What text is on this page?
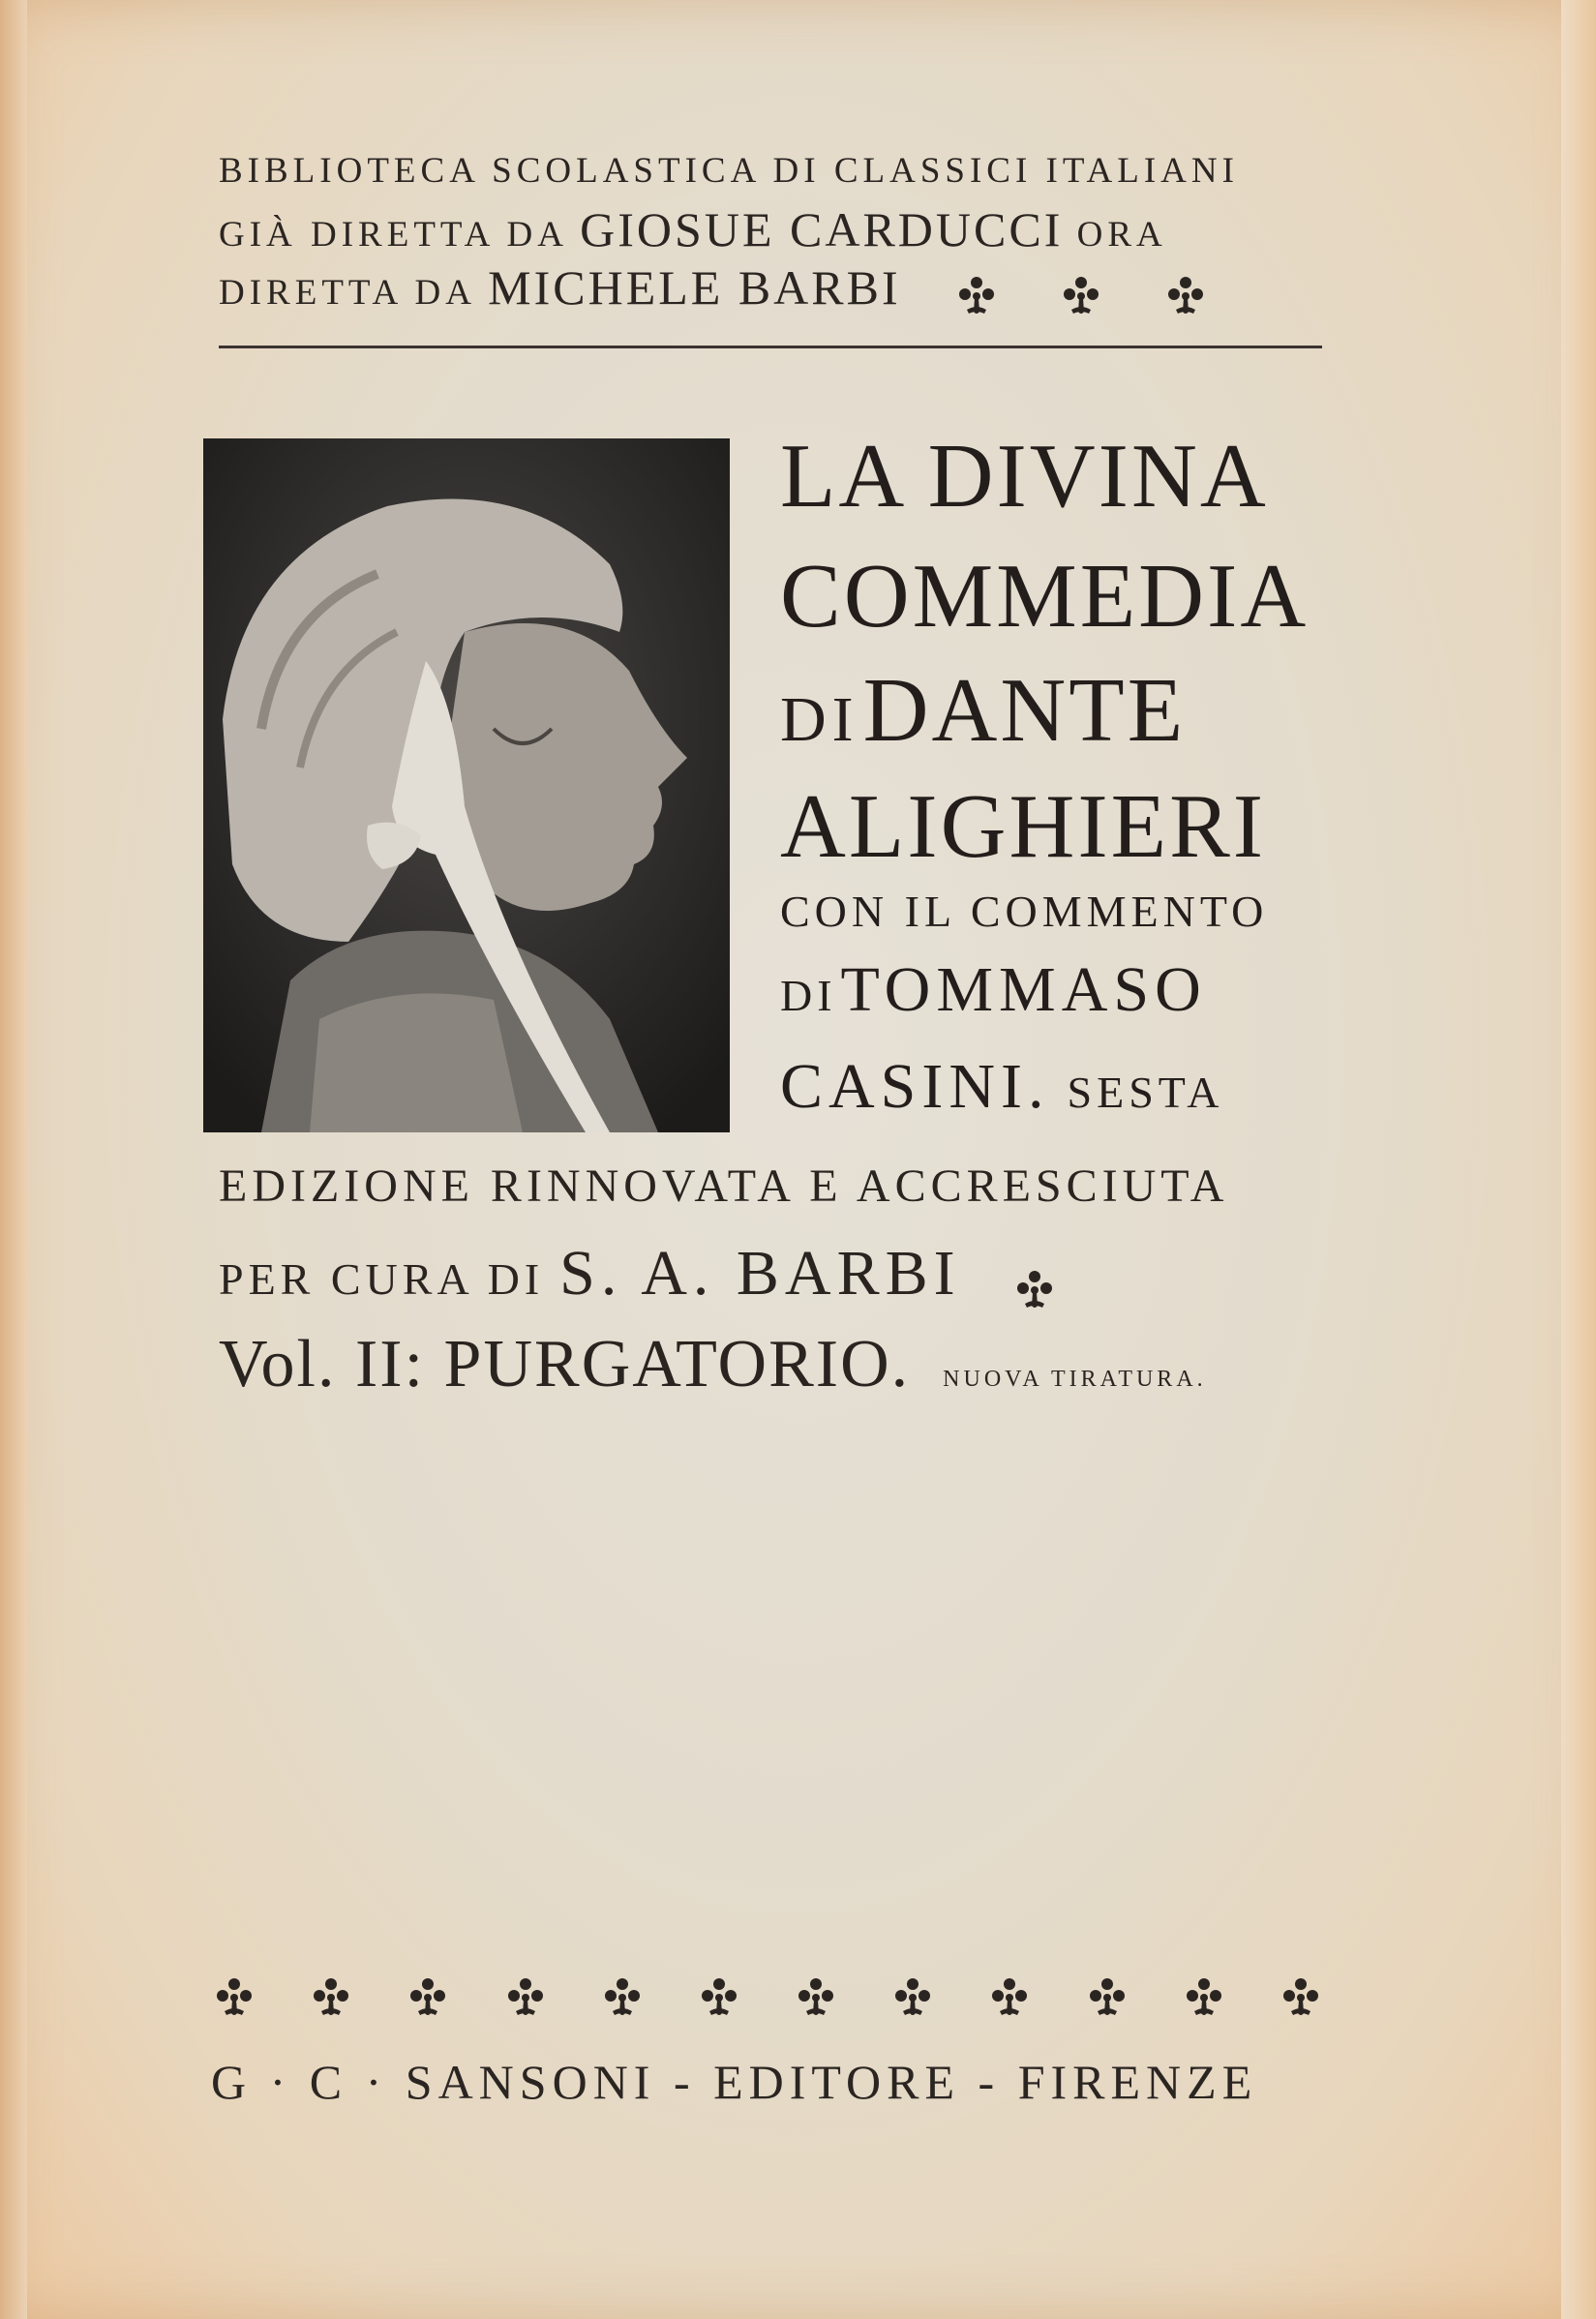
BIBLIOTECA SCOLASTICA DI CLASSICI ITALIANI
GIÀ DIRETTA DA GIOSUE CARDUCCI ORA
DIRETTA DA MICHELE BARBI

LA DIVINA
COMMEDIA
DI DANTE
ALIGHIERI
CON IL COMMENTO
DI TOMMASO
CASINI. SESTA
EDIZIONE RINNOVATA E ACCRESCIUTA
PER CURA DI S. A. BARBI
Vol. II: PURGATORIO. NUOVA TIRATURA.
G · C · SANSONI - EDITORE - FIRENZE
